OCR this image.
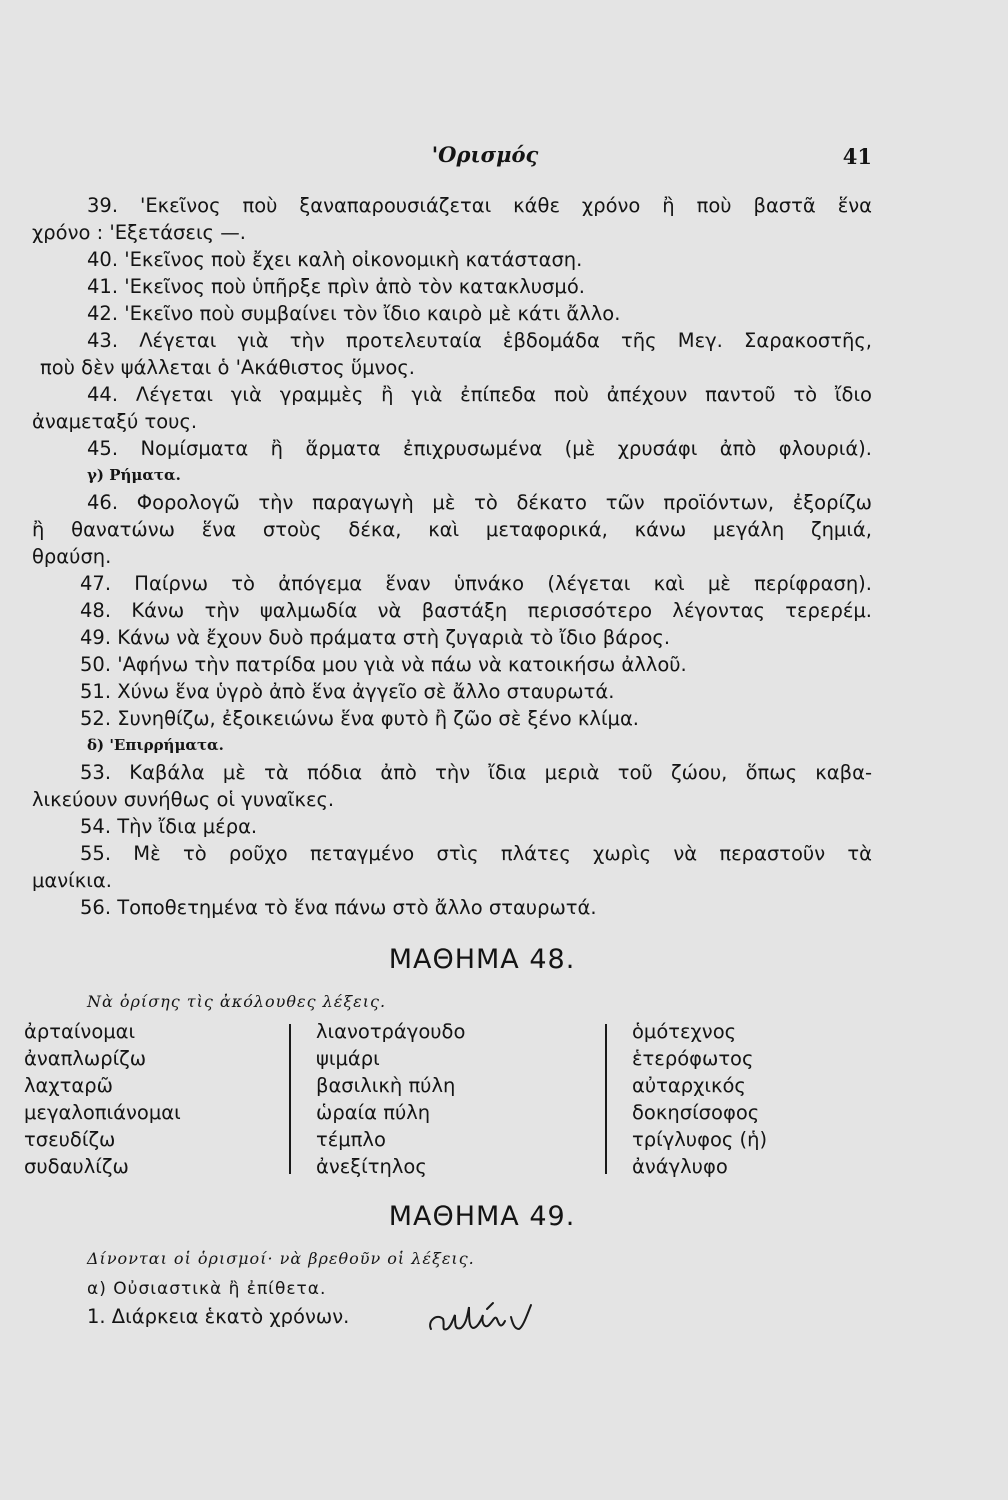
'Ορισμός	41
39. 'Εκεῖνος ποὺ ξαναπαρουσιάζεται κάθε χρόνο ἢ ποὺ βαστᾶ ἕνα
χρόνο : 'Εξετάσεις —.
40. 'Εκεῖνος ποὺ ἔχει καλὴ οἰκονομικὴ κατάσταση.
41. 'Εκεῖνος ποὺ ὑπῆρξε πρὶν ἀπὸ τὸν κατακλυσμό.
42. 'Εκεῖνο ποὺ συμβαίνει τὸν ἴδιο καιρὸ μὲ κάτι ἄλλο.
43. Λέγεται γιὰ τὴν προτελευταία ἑβδομάδα τῆς Μεγ. Σαρακοστῆς,
ποὺ δὲν ψάλλεται ὁ 'Ακάθιστος ὕμνος.
44. Λέγεται γιὰ γραμμὲς ἢ γιὰ ἐπίπεδα ποὺ ἀπέχουν παντοῦ τὸ ἴδιο
ἀναμεταξύ τους.
45. Νομίσματα ἢ ἅρματα ἐπιχρυσωμένα (μὲ χρυσάφι ἀπὸ φλουριά).
γ) Ρήματα.
46. Φορολογῶ τὴν παραγωγὴ μὲ τὸ δέκατο τῶν προϊόντων, ἐξορίζω
ἢ θανατώνω ἕνα στοὺς δέκα, καὶ μεταφορικά, κάνω μεγάλη ζημιά,
θραύση.
47. Παίρνω τὸ ἀπόγεμα ἕναν ὑπνάκο (λέγεται καὶ μὲ περίφραση).
48. Κάνω τὴν ψαλμωδία νὰ βαστάξη περισσότερο λέγοντας τερερέμ.
49. Κάνω νὰ ἔχουν δυὸ πράματα στὴ ζυγαριὰ τὸ ἴδιο βάρος.
50. 'Αφήνω τὴν πατρίδα μου γιὰ νὰ πάω νὰ κατοικήσω ἀλλοῦ.
51. Χύνω ἕνα ὑγρὸ ἀπὸ ἕνα ἀγγεῖο σὲ ἄλλο σταυρωτά.
52. Συνηθίζω, ἐξοικειώνω ἕνα φυτὸ ἢ ζῶο σὲ ξένο κλίμα.
δ) 'Επιρρήματα.
53. Καβάλα μὲ τὰ πόδια ἀπὸ τὴν ἴδια μεριὰ τοῦ ζώου, ὅπως καβα-
λικεύουν συνήθως οἱ γυναῖκες.
54. Τὴν ἴδια μέρα.
55. Μὲ τὸ ροῦχο πεταγμένο στὶς πλάτες χωρὶς νὰ περαστοῦν τὰ
μανίκια.
56. Τοποθετημένα τὸ ἕνα πάνω στὸ ἄλλο σταυρωτά.
ΜΑΘΗΜΑ 48.
Νὰ ὁρίσης τὶς ἀκόλουθες λέξεις.
ἀρταίνομαι
ἀναπλωρίζω
λαχταρῶ
μεγαλοπιάνομαι
τσευδίζω
συδαυλίζω
λιανοτράγουδο
ψιμάρι
βασιλικὴ πύλη
ὡραία πύλη
τέμπλο
ἀνεξίτηλος
ὁμότεχνος
ἑτερόφωτος
αὐταρχικός
δοκησίσοφος
τρίγλυφος (ἡ)
ἀνάγλυφο
ΜΑΘΗΜΑ 49.
Δίνονται οἱ ὁρισμοί· νὰ βρεθοῦν οἱ λέξεις.
α) Οὐσιαστικὰ ἢ ἐπίθετα.
1. Διάρκεια ἑκατὸ χρόνων.
